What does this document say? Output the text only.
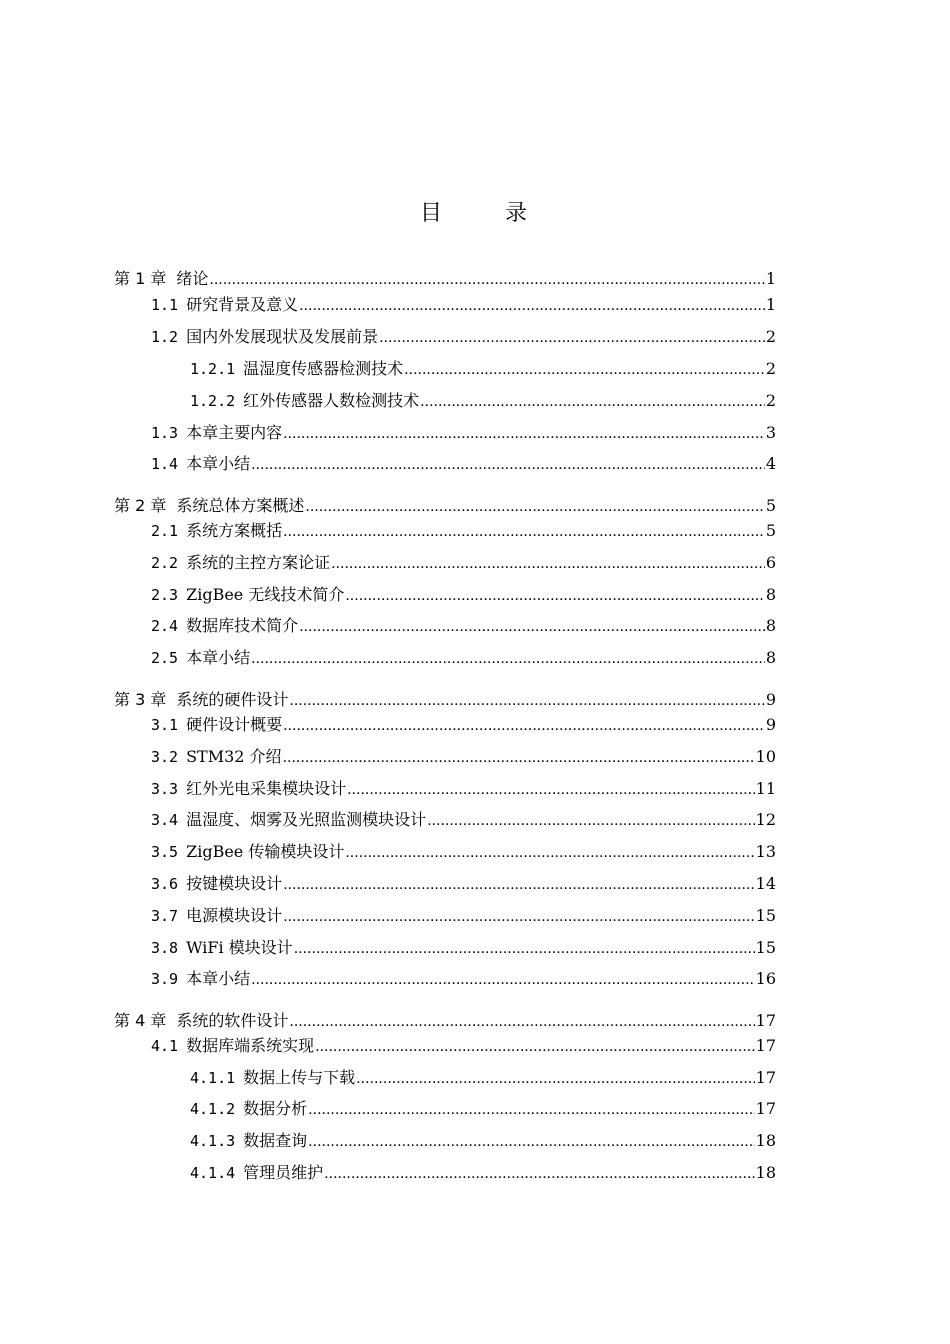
目 录
第 1 章 绪论 .....	1
1.1 研究背景及意义 .....	1
1.2 国内外发展现状及发展前景 .....	2
1.2.1 温湿度传感器检测技术 .....	2
1.2.2 红外传感器人数检测技术 .....	2
1.3 本章主要内容 .....	3
1.4 本章小结 .....	4
第 2 章 系统总体方案概述 .....	5
2.1 系统方案概括 .....	5
2.2 系统的主控方案论证 .....	6
2.3 ZigBee 无线技术简介 .....	8
2.4 数据库技术简介 .....	8
2.5 本章小结 .....	8
第 3 章 系统的硬件设计 .....	9
3.1 硬件设计概要 .....	9
3.2 STM32 介绍 .....	10
3.3 红外光电采集模块设计 .....	11
3.4 温湿度、烟雾及光照监测模块设计 .....	12
3.5 ZigBee 传输模块设计 .....	13
3.6 按键模块设计 .....	14
3.7 电源模块设计 .....	15
3.8 WiFi 模块设计 .....	15
3.9 本章小结 .....	16
第 4 章 系统的软件设计 .....	17
4.1 数据库端系统实现 .....	17
4.1.1 数据上传与下载 .....	17
4.1.2 数据分析 .....	17
4.1.3 数据查询 .....	18
4.1.4 管理员维护 .....	18
